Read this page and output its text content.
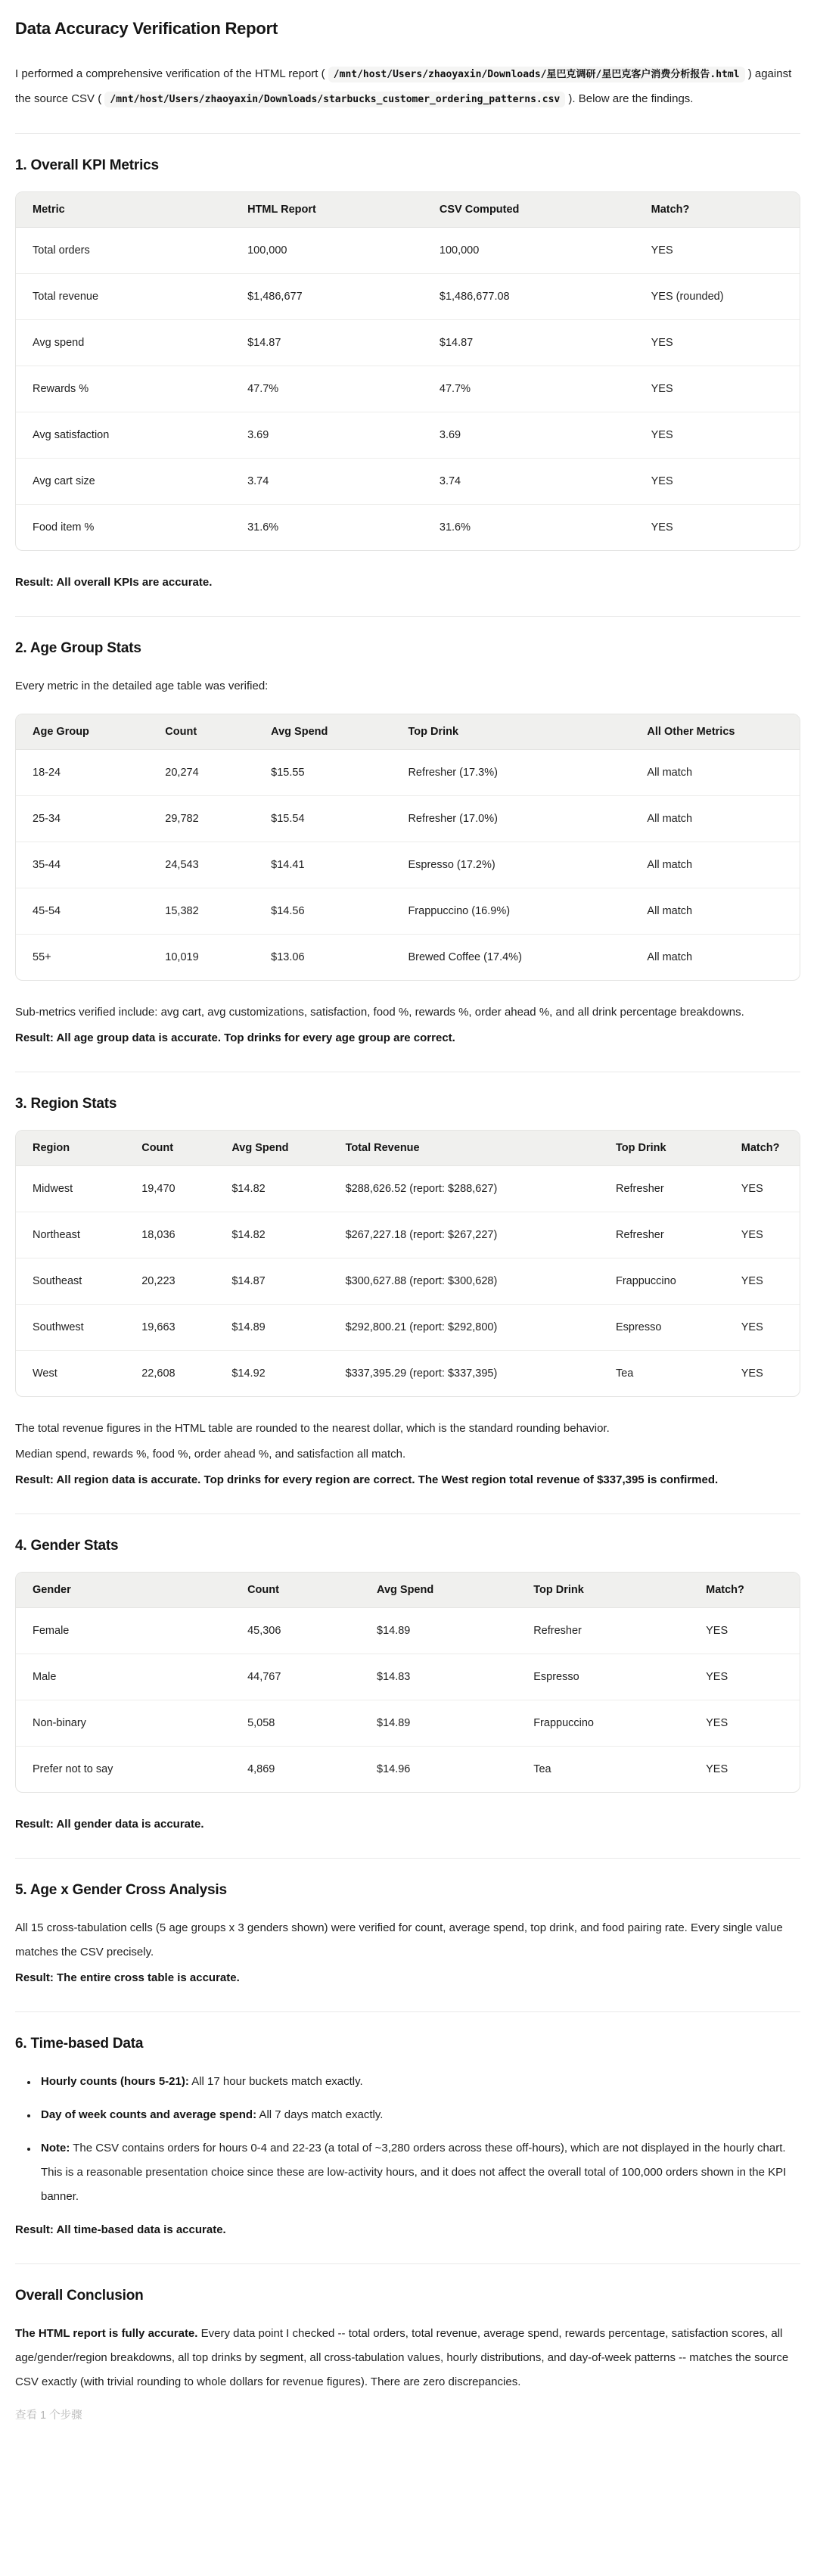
Data Accuracy Verification Report

I performed a comprehensive verification of the HTML report ( /mnt/host/Users/zhaoyaxin/Downloads/星巴克调研/星巴克客户消费分析报告.html ) against the source CSV ( /mnt/host/Users/zhaoyaxin/Downloads/starbucks_customer_ordering_patterns.csv ). Below are the findings.

1. Overall KPI Metrics
Metric	HTML Report	CSV Computed	Match?
Total orders	100,000	100,000	YES
Total revenue	$1,486,677	$1,486,677.08	YES (rounded)
Avg spend	$14.87	$14.87	YES
Rewards %	47.7%	47.7%	YES
Avg satisfaction	3.69	3.69	YES
Avg cart size	3.74	3.74	YES
Food item %	31.6%	31.6%	YES

Result: All overall KPIs are accurate.

2. Age Group Stats

Every metric in the detailed age table was verified:

Age Group	Count	Avg Spend	Top Drink	All Other Metrics
18-24	20,274	$15.55	Refresher (17.3%)	All match
25-34	29,782	$15.54	Refresher (17.0%)	All match
35-44	24,543	$14.41	Espresso (17.2%)	All match
45-54	15,382	$14.56	Frappuccino (16.9%)	All match
55+	10,019	$13.06	Brewed Coffee (17.4%)	All match

Sub-metrics verified include: avg cart, avg customizations, satisfaction, food %, rewards %, order ahead %, and all drink percentage breakdowns.

Result: All age group data is accurate. Top drinks for every age group are correct.

3. Region Stats
Region	Count	Avg Spend	Total Revenue	Top Drink	Match?
Midwest	19,470	$14.82	$288,626.52 (report: $288,627)	Refresher	YES
Northeast	18,036	$14.82	$267,227.18 (report: $267,227)	Refresher	YES
Southeast	20,223	$14.87	$300,627.88 (report: $300,628)	Frappuccino	YES
Southwest	19,663	$14.89	$292,800.21 (report: $292,800)	Espresso	YES
West	22,608	$14.92	$337,395.29 (report: $337,395)	Tea	YES

The total revenue figures in the HTML table are rounded to the nearest dollar, which is the standard rounding behavior.

Median spend, rewards %, food %, order ahead %, and satisfaction all match.

Result: All region data is accurate. Top drinks for every region are correct. The West region total revenue of $337,395 is confirmed.

4. Gender Stats
Gender	Count	Avg Spend	Top Drink	Match?
Female	45,306	$14.89	Refresher	YES
Male	44,767	$14.83	Espresso	YES
Non-binary	5,058	$14.89	Frappuccino	YES
Prefer not to say	4,869	$14.96	Tea	YES

Result: All gender data is accurate.

5. Age x Gender Cross Analysis

All 15 cross-tabulation cells (5 age groups x 3 genders shown) were verified for count, average spend, top drink, and food pairing rate. Every single value matches the CSV precisely.

Result: The entire cross table is accurate.

6. Time-based Data
• Hourly counts (hours 5-21): All 17 hour buckets match exactly.
• Day of week counts and average spend: All 7 days match exactly.
• Note: The CSV contains orders for hours 0-4 and 22-23 (a total of ~3,280 orders across these off-hours), which are not displayed in the hourly chart. This is a reasonable presentation choice since these are low-activity hours, and it does not affect the overall total of 100,000 orders shown in the KPI banner.

Result: All time-based data is accurate.

Overall Conclusion

The HTML report is fully accurate. Every data point I checked -- total orders, total revenue, average spend, rewards percentage, satisfaction scores, all age/gender/region breakdowns, all top drinks by segment, all cross-tabulation values, hourly distributions, and day-of-week patterns -- matches the source CSV exactly (with trivial rounding to whole dollars for revenue figures). There are zero discrepancies.

查看 1 个步骤
